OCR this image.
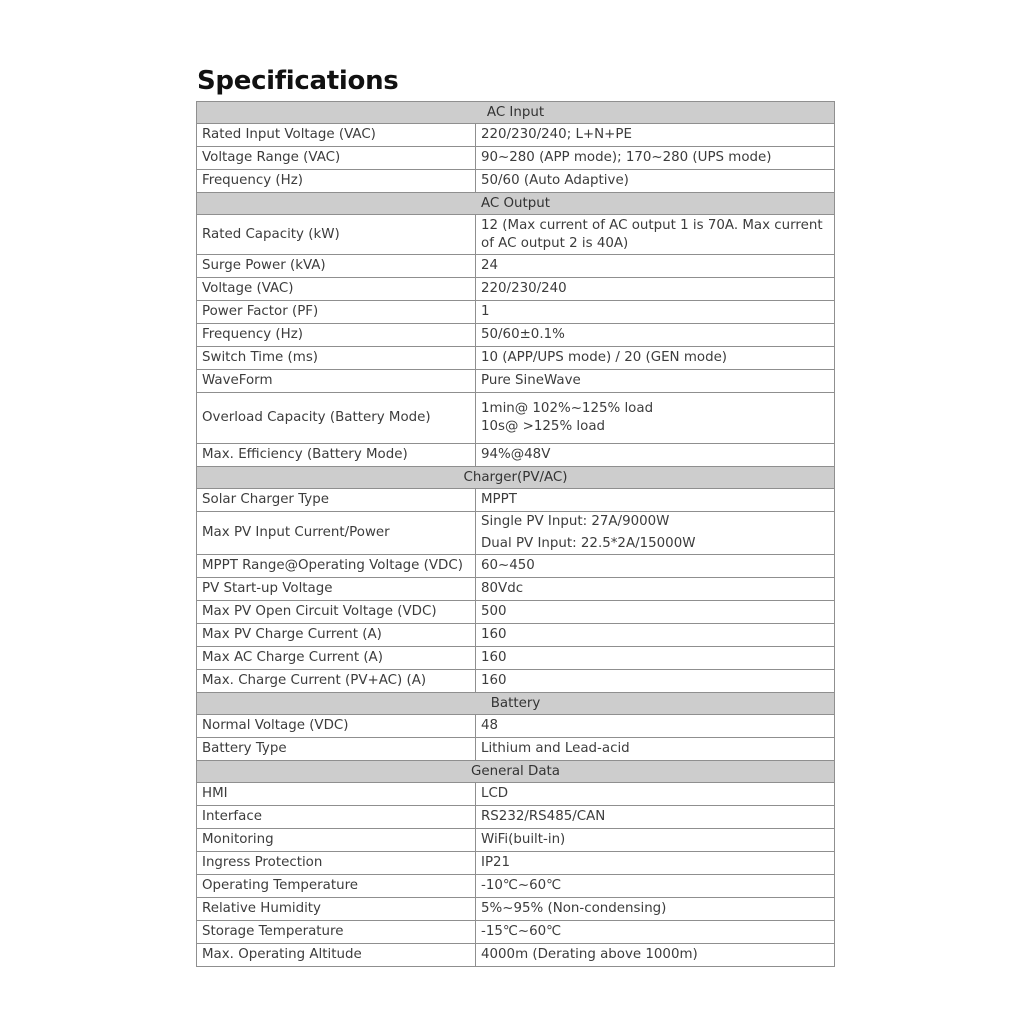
Specifications
AC Input	
Rated Input Voltage (VAC)	220/230/240; L+N+PE

Voltage Range (VAC)	90~280 (APP mode); 170~280 (UPS mode)

Frequency (Hz)	50/60 (Auto Adaptive)

AC Output	
Rated Capacity (kW)	12 (Max current of AC output 1 is 70A. Max current of AC output 2 is 40A)

Surge Power (kVA)	24

Voltage (VAC)	220/230/240

Power Factor (PF)	1

Frequency (Hz)	50/60±0.1%

Switch Time (ms)	10 (APP/UPS mode) / 20 (GEN mode)

WaveForm	Pure SineWave

Overload Capacity (Battery Mode)	1min@ 102%~125% load
10s@ >125% load

Max. Efficiency (Battery Mode)	94%@48V

Charger(PV/AC)	
Solar Charger Type	MPPT

Max PV Input Current/Power	Single PV Input: 27A/9000W
Dual PV Input: 22.5*2A/15000W

MPPT Range@Operating Voltage (VDC)	60~450

PV Start-up Voltage	80Vdc

Max PV Open Circuit Voltage (VDC)	500

Max PV Charge Current (A)	160

Max AC Charge Current (A)	160

Max. Charge Current (PV+AC) (A)	160

Battery	
Normal Voltage (VDC)	48

Battery Type	Lithium and Lead-acid

General Data	
HMI	LCD

Interface	RS232/RS485/CAN

Monitoring	WiFi(built-in)

Ingress Protection	IP21

Operating Temperature	-10℃~60℃

Relative Humidity	5%~95% (Non-condensing)

Storage Temperature	-15℃~60℃

Max. Operating Altitude	4000m (Derating above 1000m)
